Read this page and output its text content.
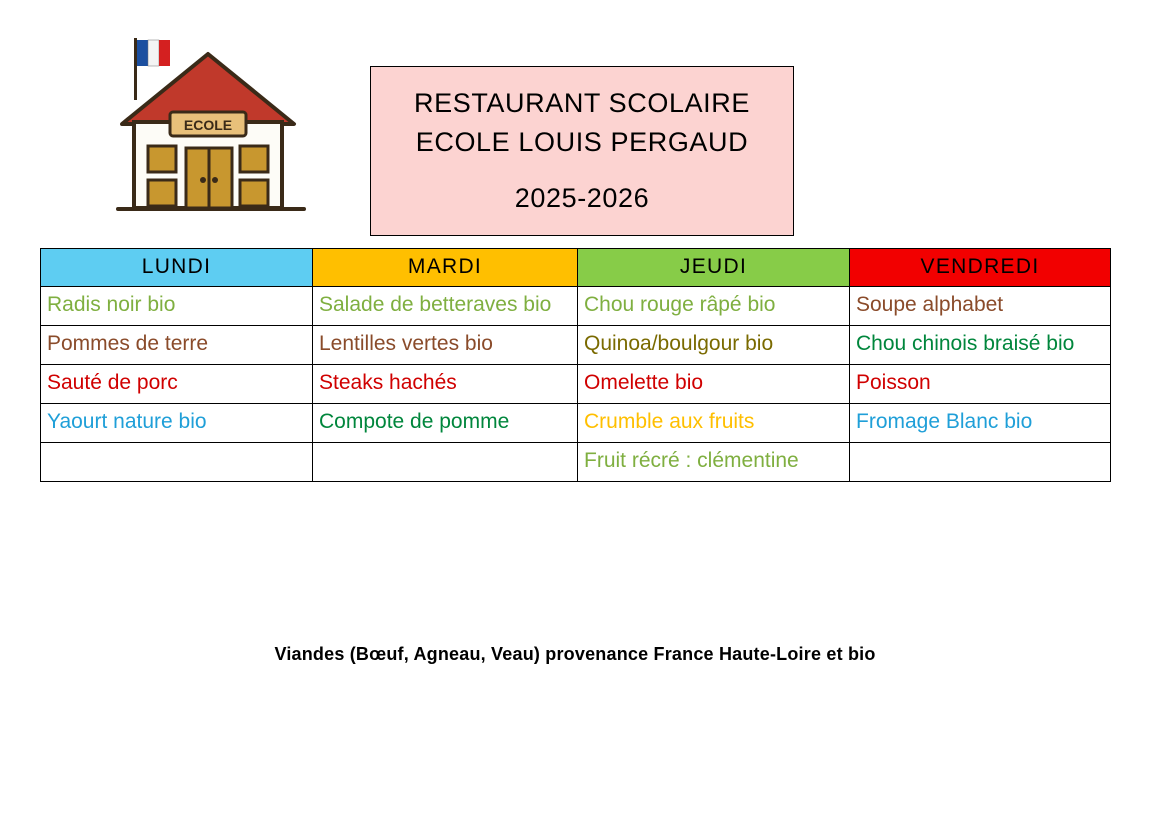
ECOLE
RESTAURANT SCOLAIRE
ECOLE LOUIS PERGAUD
2025-2026
LUNDI	MARDI	JEUDI	VENDREDI
Radis noir bio	Salade de betteraves bio	Chou rouge râpé bio	Soupe alphabet
Pommes de terre	Lentilles vertes bio	Quinoa/boulgour bio	Chou chinois braisé bio
Sauté de porc	Steaks hachés	Omelette bio	Poisson
Yaourt nature bio	Compote de pomme	Crumble aux fruits	Fromage Blanc bio
		Fruit récré : clémentine	
Viandes (Bœuf, Agneau, Veau) provenance France Haute-Loire et bio
